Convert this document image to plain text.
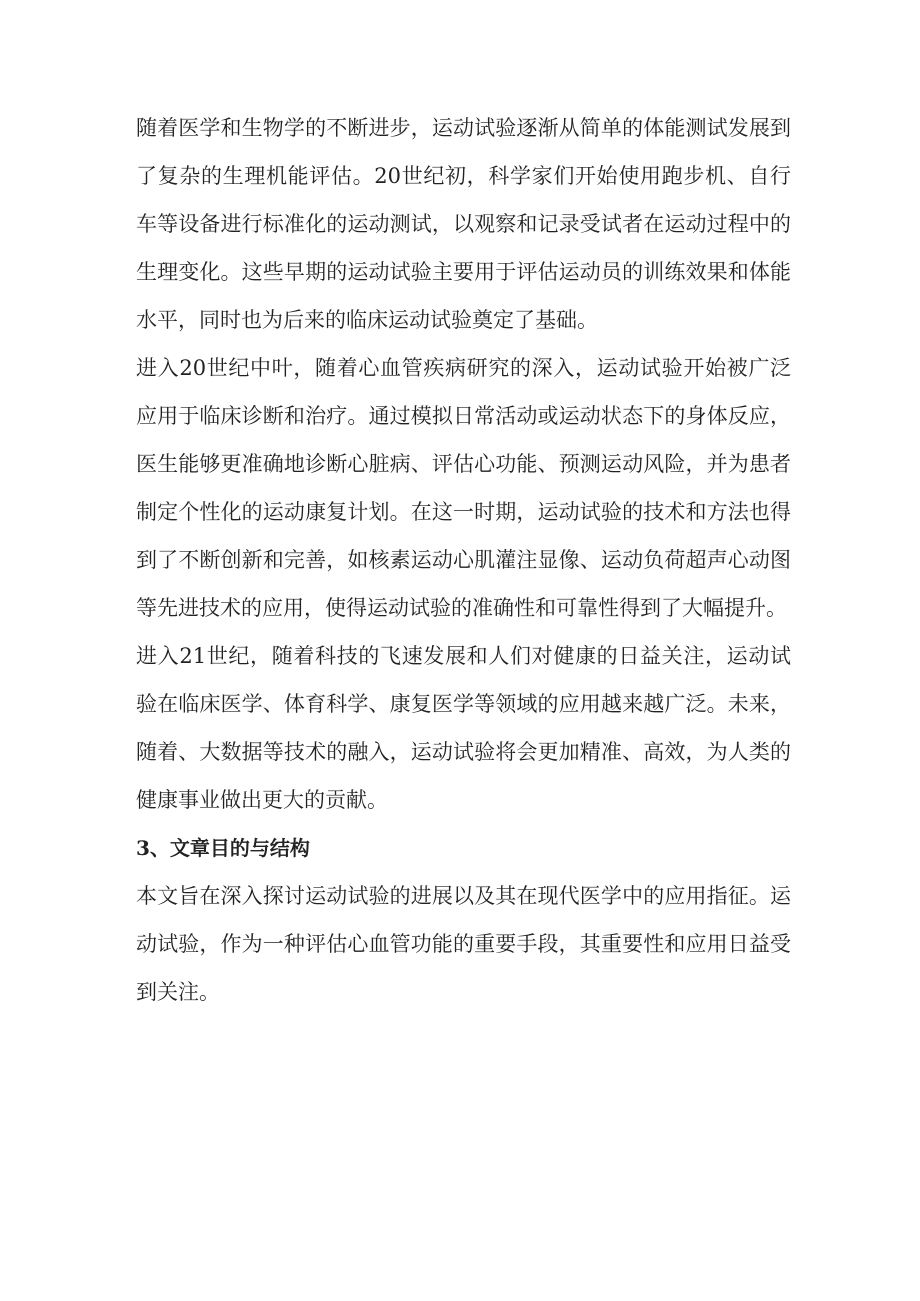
随着医学和生物学的不断进步，运动试验逐渐从简单的体能测试发展到了复杂的生理机能评估。20世纪初，科学家们开始使用跑步机、自行车等设备进行标准化的运动测试，以观察和记录受试者在运动过程中的生理变化。这些早期的运动试验主要用于评估运动员的训练效果和体能水平，同时也为后来的临床运动试验奠定了基础。

进入20世纪中叶，随着心血管疾病研究的深入，运动试验开始被广泛应用于临床诊断和治疗。通过模拟日常活动或运动状态下的身体反应，医生能够更准确地诊断心脏病、评估心功能、预测运动风险，并为患者制定个性化的运动康复计划。在这一时期，运动试验的技术和方法也得到了不断创新和完善，如核素运动心肌灌注显像、运动负荷超声心动图等先进技术的应用，使得运动试验的准确性和可靠性得到了大幅提升。

进入21世纪，随着科技的飞速发展和人们对健康的日益关注，运动试验在临床医学、体育科学、康复医学等领域的应用越来越广泛。未来，随着、大数据等技术的融入，运动试验将会更加精准、高效，为人类的健康事业做出更大的贡献。

3、文章目的与结构

本文旨在深入探讨运动试验的进展以及其在现代医学中的应用指征。运动试验，作为一种评估心血管功能的重要手段，其重要性和应用日益受到关注。
